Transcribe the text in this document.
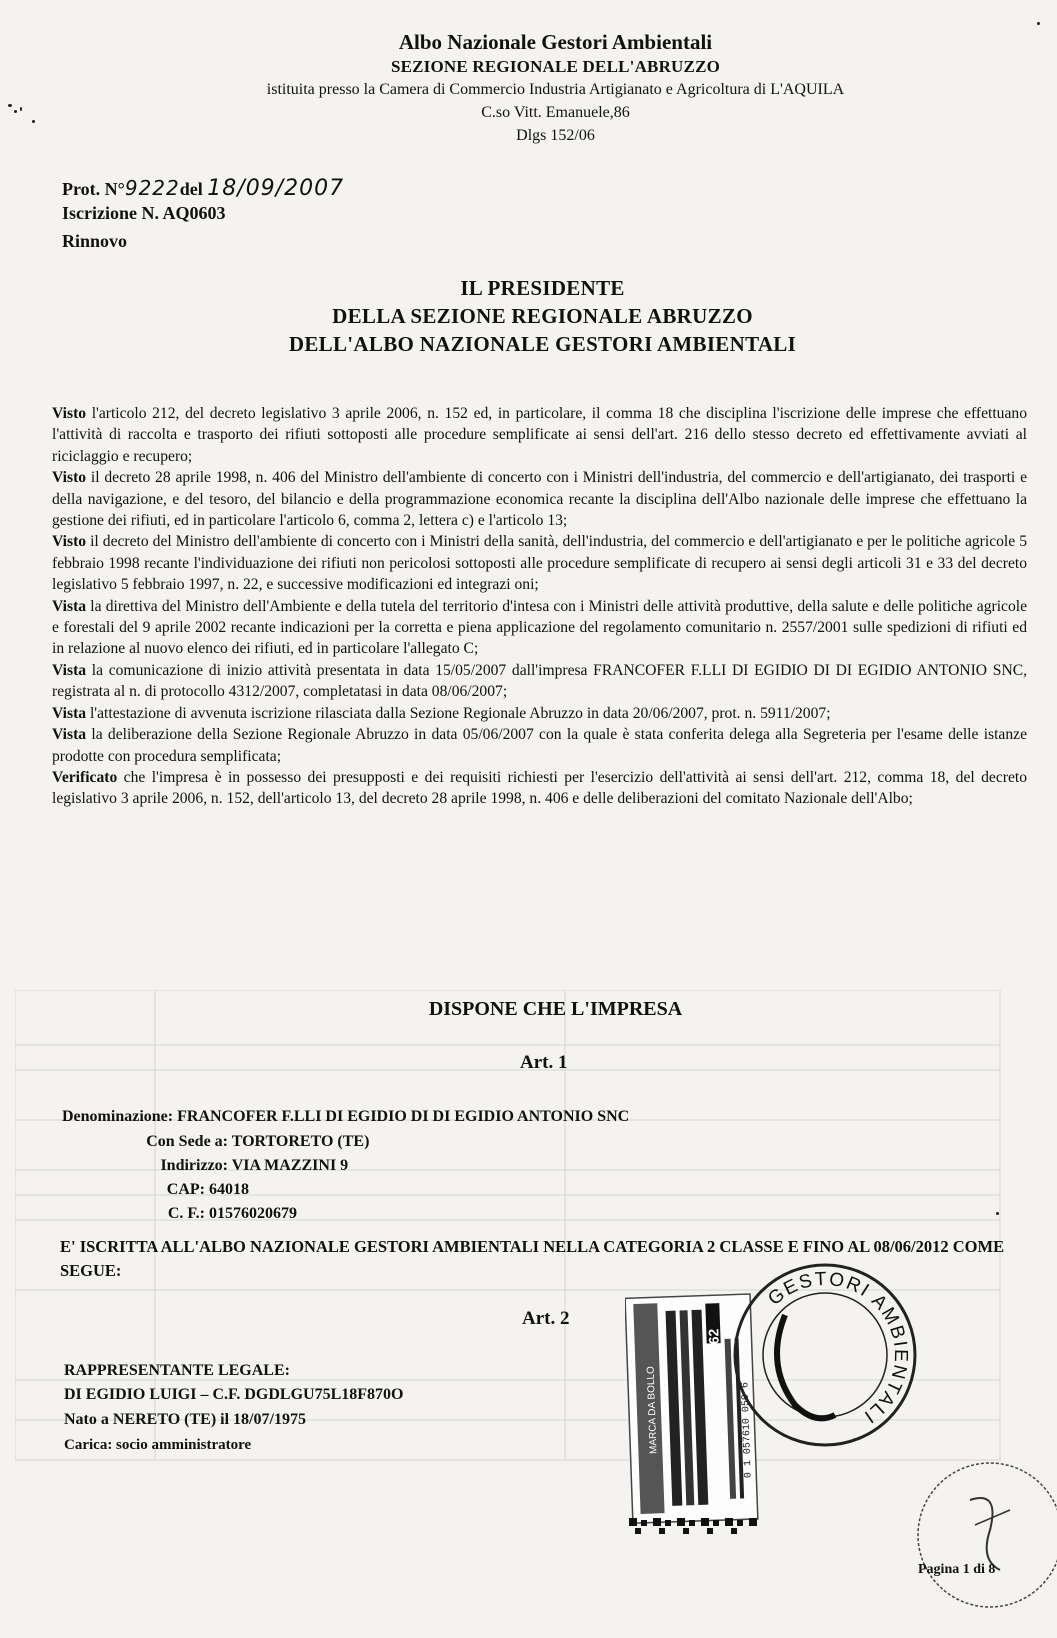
Albo Nazionale Gestori Ambientali
SEZIONE REGIONALE DELL'ABRUZZO
istituita presso la Camera di Commercio Industria Artigianato e Agricoltura di L'AQUILA
C.so Vitt. Emanuele,86
Dlgs 152/06
Prot. N°9222del 18/09/2007
Iscrizione N. AQ0603
Rinnovo
IL PRESIDENTE
DELLA SEZIONE REGIONALE ABRUZZO
DELL'ALBO NAZIONALE GESTORI AMBIENTALI

Visto l'articolo 212, del decreto legislativo 3 aprile 2006, n. 152 ed, in particolare, il comma 18 che disciplina l'iscrizione delle imprese che effettuano l'attività di raccolta e trasporto dei rifiuti sottoposti alle procedure semplificate ai sensi dell'art. 216 dello stesso decreto ed effettivamente avviati al riciclaggio e recupero;

Visto il decreto 28 aprile 1998, n. 406 del Ministro dell'ambiente di concerto con i Ministri dell'industria, del commercio e dell'artigianato, dei trasporti e della navigazione, e del tesoro, del bilancio e della programmazione economica recante la disciplina dell'Albo nazionale delle imprese che effettuano la gestione dei rifiuti, ed in particolare l'articolo 6, comma 2, lettera c) e l'articolo 13;

Visto il decreto del Ministro dell'ambiente di concerto con i Ministri della sanità, dell'industria, del commercio e dell'artigianato e per le politiche agricole 5 febbraio 1998 recante l'individuazione dei rifiuti non pericolosi sottoposti alle procedure semplificate di recupero ai sensi degli articoli 31 e 33 del decreto legislativo 5 febbraio 1997, n. 22, e successive modificazioni ed integrazi oni;

Vista la direttiva del Ministro dell'Ambiente e della tutela del territorio d'intesa con i Ministri delle attività produttive, della salute e delle politiche agricole e forestali del 9 aprile 2002 recante indicazioni per la corretta e piena applicazione del regolamento comunitario n. 2557/2001 sulle spedizioni di rifiuti ed in relazione al nuovo elenco dei rifiuti, ed in particolare l'allegato C;

Vista la comunicazione di inizio attività presentata in data 15/05/2007 dall'impresa FRANCOFER F.LLI DI EGIDIO DI DI EGIDIO ANTONIO SNC, registrata al n. di protocollo 4312/2007, completatasi in data 08/06/2007;

Vista l'attestazione di avvenuta iscrizione rilasciata dalla Sezione Regionale Abruzzo in data 20/06/2007, prot. n. 5911/2007;

Vista la deliberazione della Sezione Regionale Abruzzo in data 05/06/2007 con la quale è stata conferita delega alla Segreteria per l'esame delle istanze prodotte con procedura semplificata;

Verificato che l'impresa è in possesso dei presupposti e dei requisiti richiesti per l'esercizio dell'attività ai sensi dell'art. 212, comma 18, del decreto legislativo 3 aprile 2006, n. 152, dell'articolo 13, del decreto 28 aprile 1998, n. 406 e delle deliberazioni del comitato Nazionale dell'Albo;

DISPONE CHE L'IMPRESA
Art. 1
Denominazione: FRANCOFER F.LLI DI EGIDIO DI DI EGIDIO ANTONIO SNC
Con Sede a: TORTORETO (TE)
Indirizzo: VIA MAZZINI 9
CAP: 64018
C. F.: 01576020679
E' ISCRITTA ALL'ALBO NAZIONALE GESTORI AMBIENTALI NELLA CATEGORIA 2 CLASSE E FINO AL 08/06/2012 COME SEGUE:
Art. 2
RAPPRESENTANTE LEGALE:
DI EGIDIO LUIGI – C.F. DGDLGU75L18F870O
Nato a NERETO (TE) il 18/07/1975
Carica: socio amministratore	MARCA DA BOLLO
€14,62
0 1 057610 059 6
GESTORI AMBIENTALI
Pagina 1 di 8
